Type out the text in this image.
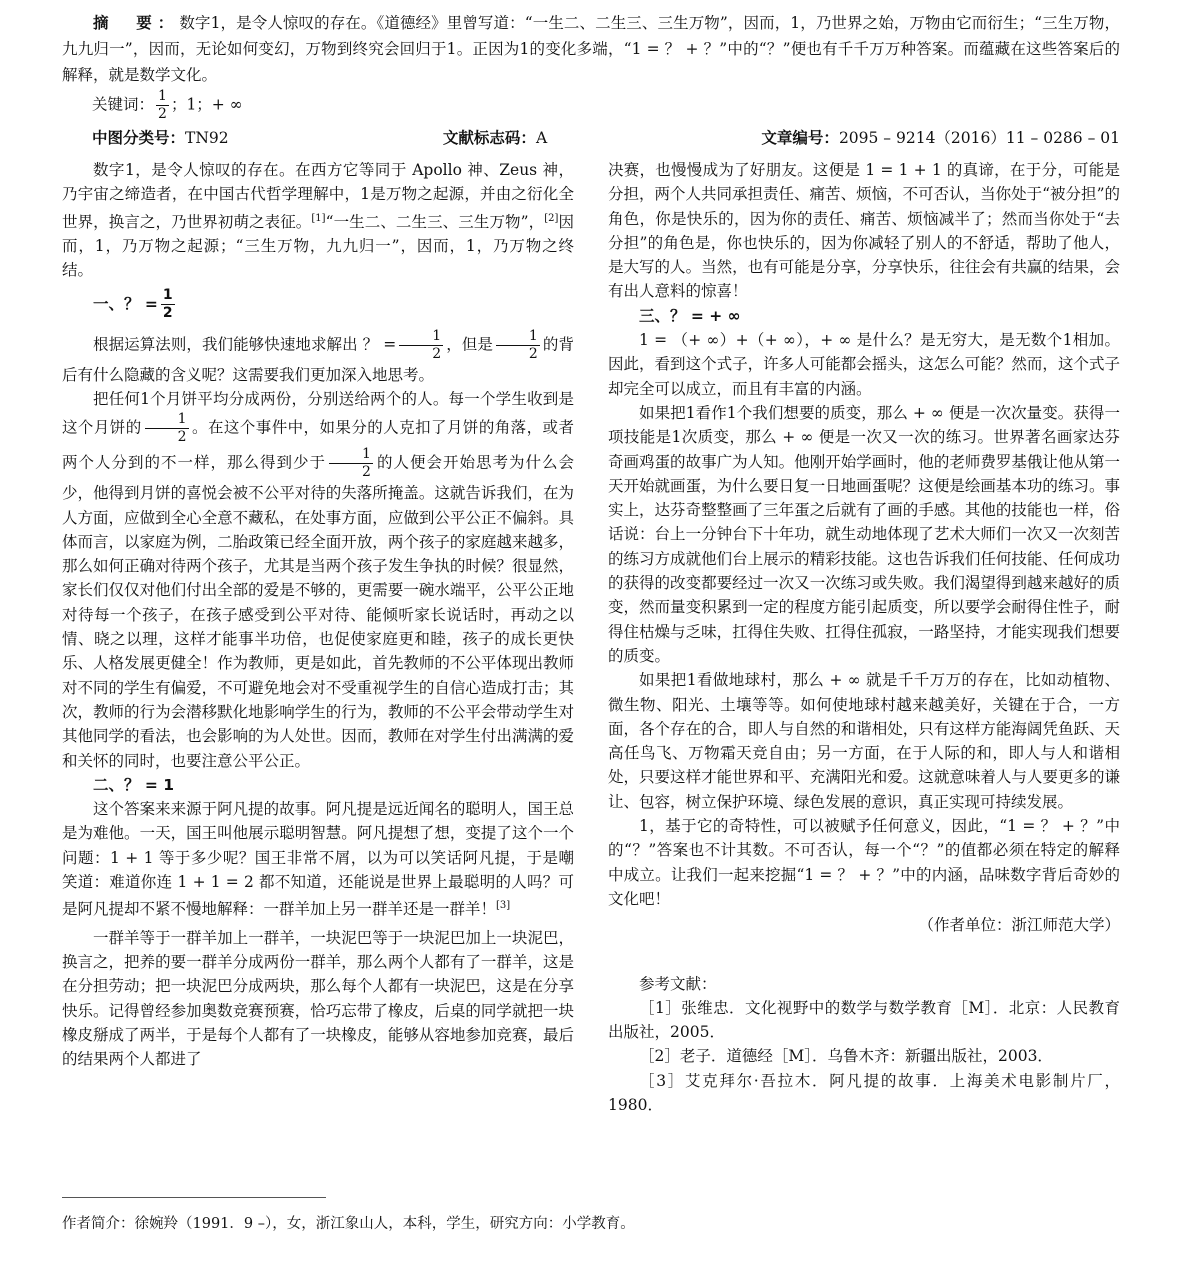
摘　要：数字1，是令人惊叹的存在。《道德经》里曾写道：“一生二、二生三、三生万物”，因而，1，乃世界之始，万物由它而衍生；“三生万物，九九归一”，因而，无论如何变幻，万物到终究会回归于1。正因为1的变化多端，“1 = ？ + ？”中的“？”便也有千千万万种答案。而蕴藏在这些答案后的解释，就是数学文化。
关键词： $\frac{1}{2}$ ；1；+ ∞
中图分类号：TN92	文献标志码：A	文章编号：2095 – 9214（2016）11 – 0286 – 01

数字1，是令人惊叹的存在。在西方它等同于 Apollo 神、Zeus 神，乃宇宙之缔造者，在中国古代哲学理解中，1是万物之起源，并由之衍化全世界，换言之，乃世界初萌之表征。[1]“一生二、二生三、三生万物”，[2]因而，1，乃万物之起源；“三生万物，九九归一”，因而，1，乃万物之终结。

一、？ = $\frac{1}{2}$

根据运算法则，我们能够快速地求解出 ？ = $\frac{1}{2}$ ，但是 $\frac{1}{2}$ 的背后有什么隐藏的含义呢？这需要我们更加深入地思考。

把任何1个月饼平均分成两份，分别送给两个的人。每一个学生收到是这个月饼的 $\frac{1}{2}$ 。在这个事件中，如果分的人克扣了月饼的角落，或者两个人分到的不一样，那么得到少于 $\frac{1}{2}$ 的人便会开始思考为什么会少，他得到月饼的喜悦会被不公平对待的失落所掩盖。这就告诉我们，在为人方面，应做到全心全意不藏私，在处事方面，应做到公平公正不偏斜。具体而言，以家庭为例，二胎政策已经全面开放，两个孩子的家庭越来越多，那么如何正确对待两个孩子，尤其是当两个孩子发生争执的时候？很显然，家长们仅仅对他们付出全部的爱是不够的，更需要一碗水端平，公平公正地对待每一个孩子，在孩子感受到公平对待、能倾听家长说话时，再动之以情、晓之以理，这样才能事半功倍，也促使家庭更和睦，孩子的成长更快乐、人格发展更健全！作为教师，更是如此，首先教师的不公平体现出教师对不同的学生有偏爱，不可避免地会对不受重视学生的自信心造成打击；其次，教师的行为会潜移默化地影响学生的行为，教师的不公平会带动学生对其他同学的看法，也会影响的为人处世。因而，教师在对学生付出满满的爱和关怀的同时，也要注意公平公正。

二、？ = 1

这个答案来来源于阿凡提的故事。阿凡提是远近闻名的聪明人，国王总是为难他。一天，国王叫他展示聪明智慧。阿凡提想了想，变提了这个一个问题：1 + 1 等于多少呢？国王非常不屑，以为可以笑话阿凡提，于是嘲笑道：难道你连 1 + 1 = 2 都不知道，还能说是世界上最聪明的人吗？可是阿凡提却不紧不慢地解释：一群羊加上另一群羊还是一群羊！[3]

一群羊等于一群羊加上一群羊，一块泥巴等于一块泥巴加上一块泥巴，换言之，把养的要一群羊分成两份一群羊，那么两个人都有了一群羊，这是在分担劳动；把一块泥巴分成两块，那么每个人都有一块泥巴，这是在分享快乐。记得曾经参加奥数竞赛预赛，恰巧忘带了橡皮，后桌的同学就把一块橡皮掰成了两半，于是每个人都有了一块橡皮，能够从容地参加竞赛，最后的结果两个人都进了

决赛，也慢慢成为了好朋友。这便是 1 = 1 + 1 的真谛，在于分，可能是分担，两个人共同承担责任、痛苦、烦恼，不可否认，当你处于“被分担”的角色，你是快乐的，因为你的责任、痛苦、烦恼减半了；然而当你处于“去分担”的角色是，你也快乐的，因为你减轻了别人的不舒适，帮助了他人，是大写的人。当然，也有可能是分享，分享快乐，往往会有共赢的结果，会有出人意料的惊喜！

三、？ = + ∞

1 = （+ ∞）+（+ ∞），+ ∞ 是什么？是无穷大，是无数个1相加。因此，看到这个式子，许多人可能都会摇头，这怎么可能？然而，这个式子却完全可以成立，而且有丰富的内涵。

如果把1看作1个我们想要的质变，那么 + ∞ 便是一次次量变。获得一项技能是1次质变，那么 + ∞ 便是一次又一次的练习。世界著名画家达芬奇画鸡蛋的故事广为人知。他刚开始学画时，他的老师费罗基俄让他从第一天开始就画蛋，为什么要日复一日地画蛋呢？这便是绘画基本功的练习。事实上，达芬奇整整画了三年蛋之后就有了画的手感。其他的技能也一样，俗话说：台上一分钟台下十年功，就生动地体现了艺术大师们一次又一次刻苦的练习方成就他们台上展示的精彩技能。这也告诉我们任何技能、任何成功的获得的改变都要经过一次又一次练习或失败。我们渴望得到越来越好的质变，然而量变积累到一定的程度方能引起质变，所以要学会耐得住性子，耐得住枯燥与乏味，扛得住失败、扛得住孤寂，一路坚持，才能实现我们想要的质变。

如果把1看做地球村，那么 + ∞ 就是千千万万的存在，比如动植物、微生物、阳光、土壤等等。如何使地球村越来越美好，关键在于合，一方面，各个存在的合，即人与自然的和谐相处，只有这样方能海阔凭鱼跃、天高任鸟飞、万物霜天竞自由；另一方面，在于人际的和，即人与人和谐相处，只要这样才能世界和平、充满阳光和爱。这就意味着人与人要更多的谦让、包容，树立保护环境、绿色发展的意识，真正实现可持续发展。

1，基于它的奇特性，可以被赋予任何意义，因此，“1 = ？ + ？”中的“？”答案也不计其数。不可否认，每一个“？”的值都必须在特定的解释中成立。让我们一起来挖掘“1 = ？ + ？”中的内涵，品味数字背后奇妙的文化吧！

（作者单位：浙江师范大学）
参考文献：

［1］张维忠．文化视野中的数学与数学教育［M］．北京：人民教育出版社，2005．

［2］老子．道德经［M］．乌鲁木齐：新疆出版社，2003．

［3］艾克拜尔·吾拉木．阿凡提的故事．上海美术电影制片厂，1980．

作者简介：徐婉羚（1991．9 –），女，浙江象山人，本科，学生，研究方向：小学教育。
